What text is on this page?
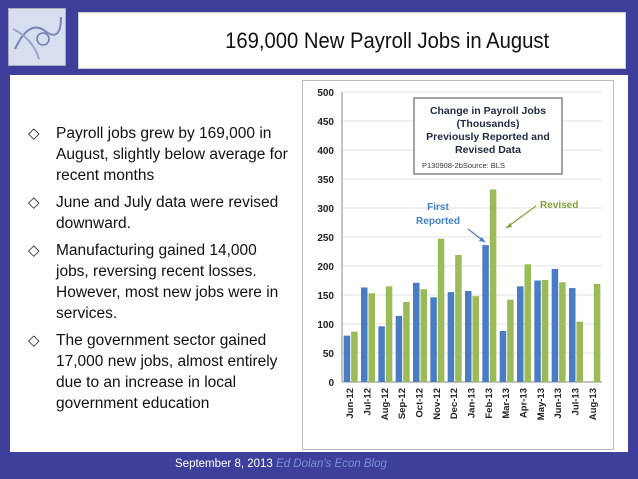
169,000 New Payroll Jobs in August
◇	Payroll jobs grew by 169,000 in August, slightly below average for recent months
◇	June and July data were revised downward.
◇	Manufacturing gained 14,000 jobs, reversing recent losses. However, most new jobs were in services.
◇	The government sector gained 17,000 new jobs, almost entirely due to an increase in local government education
0
50
100
150
200
250
300
350
400
450
500
Jun-12 Jul-12 Aug-12 Sep-12 Oct-12 Nov-12 Dec-12 Jan-13 Feb-13 Mar-13 Apr-13 May-13 Jun-13 Jul-13 Aug-13
Change in Payroll Jobs
(Thousands)
Previously Reported and
Revised Data
P130908-2bSource: BLS
First Reported
Revised
September 8, 2013 Ed Dolan's Econ Blog
